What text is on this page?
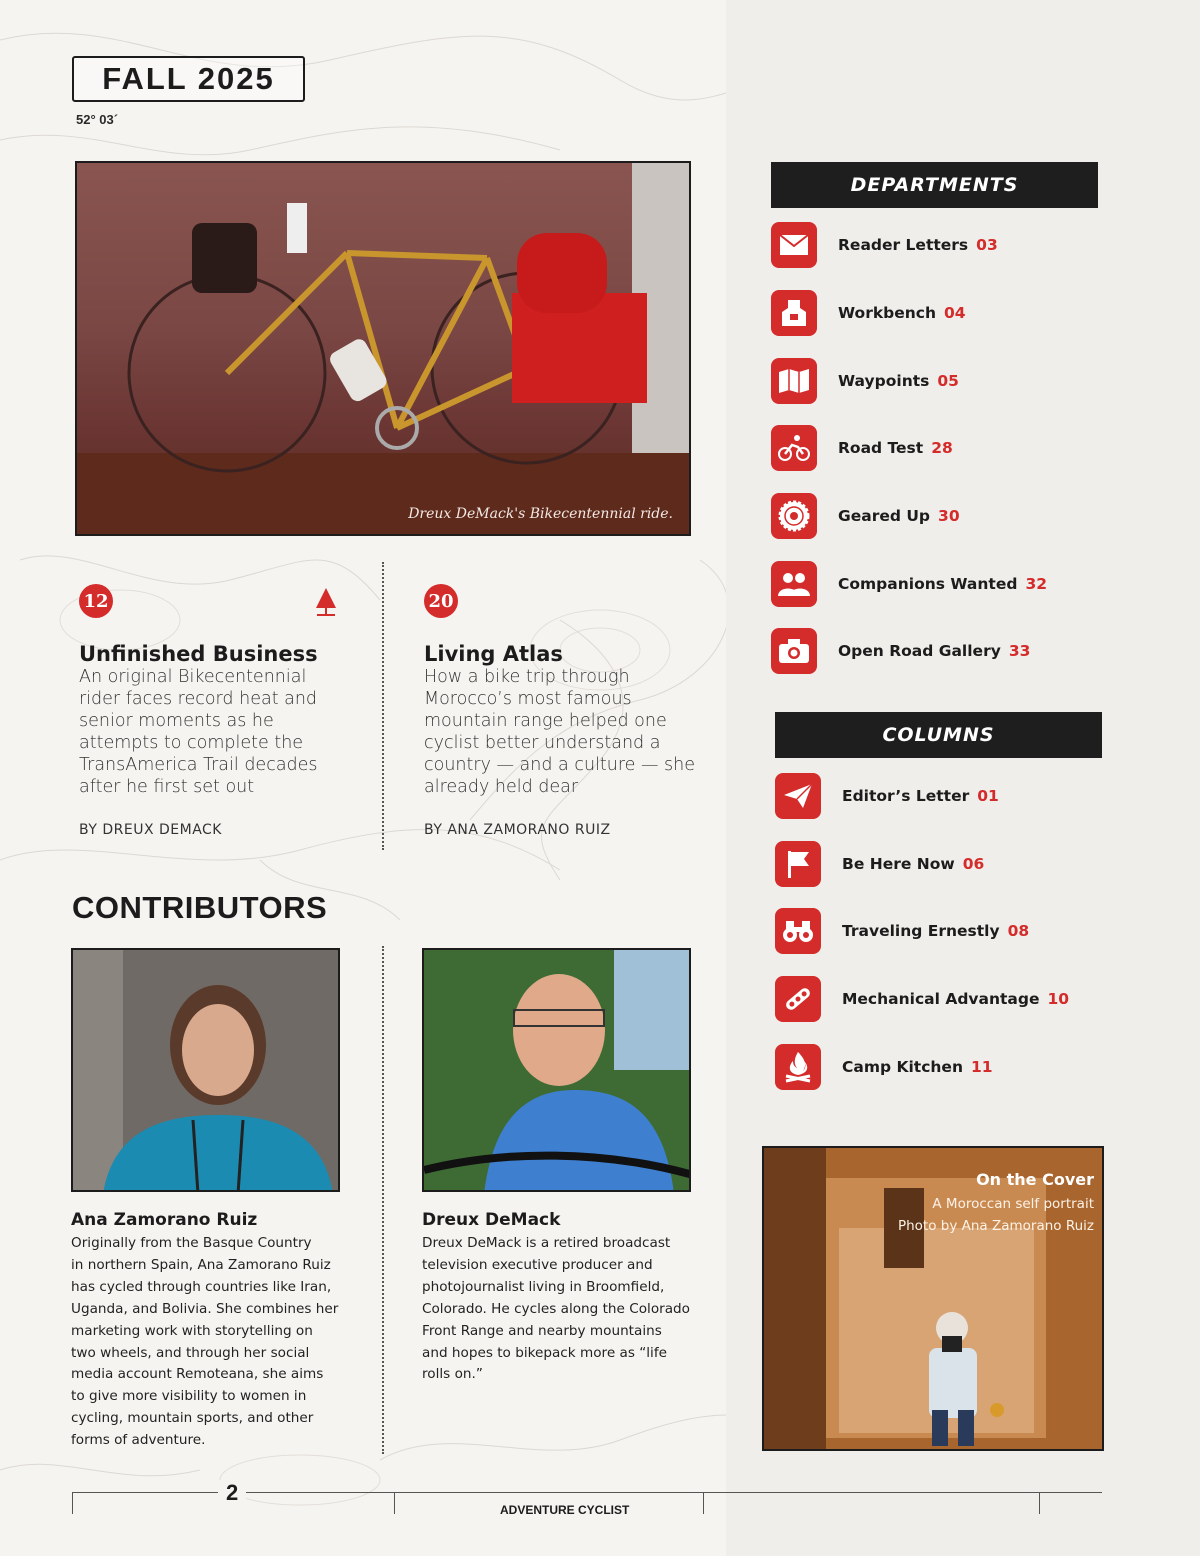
FALL 2025
52° 03´
Dreux DeMack's Bikecentennial ride.
12
Unfinished Business
An original Bikecentennial rider faces record heat and senior moments as he attempts to complete the TransAmerica Trail decades after he first set out
BY DREUX DEMACK
20
Living Atlas
How a bike trip through Morocco’s most famous mountain range helped one cyclist better understand a country — and a culture — she already held dear
BY ANA ZAMORANO RUIZ
CONTRIBUTORS
Ana Zamorano Ruiz
Originally from the Basque Country
in northern Spain, Ana Zamorano Ruiz
has cycled through countries like Iran,
Uganda, and Bolivia. She combines her
marketing work with storytelling on
two wheels, and through her social
media account Remoteana, she aims
to give more visibility to women in
cycling, mountain sports, and other
forms of adventure.
Dreux DeMack
Dreux DeMack is a retired broadcast
television executive producer and
photojournalist living in Broomfield,
Colorado. He cycles along the Colorado
Front Range and nearby mountains
and hopes to bikepack more as “life
rolls on.”
DEPARTMENTS
Reader Letters 03
Workbench 04
Waypoints 05
Road Test 28
Geared Up 30
Companions Wanted 32
Open Road Gallery 33
COLUMNS
Editor’s Letter 01
Be Here Now 06
Traveling Ernestly 08
Mechanical Advantage 10
Camp Kitchen 11
On the Cover
A Moroccan self portrait
Photo by Ana Zamorano Ruiz
2
ADVENTURE CYCLIST
